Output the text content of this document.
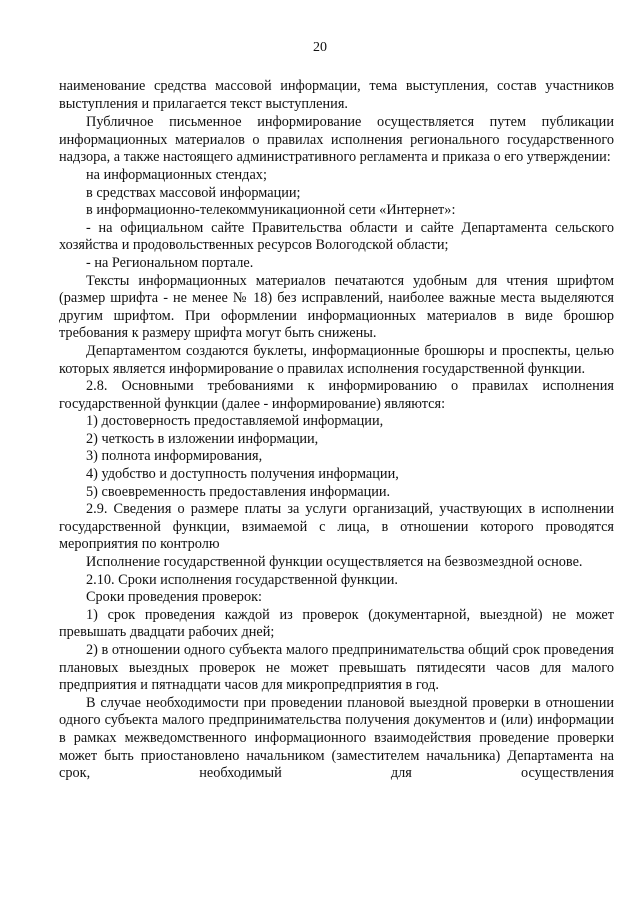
20

наименование средства массовой информации, тема выступления, состав участников выступления и прилагается текст выступления.

Публичное письменное информирование осуществляется путем публикации информационных материалов о правилах исполнения регионального государственного надзора, а также настоящего административного регламента и приказа о его утверждении:

на информационных стендах;

в средствах массовой информации;

в информационно-телекоммуникационной сети «Интернет»:

- на официальном сайте Правительства области и сайте Департамента сельского хозяйства и продовольственных ресурсов Вологодской области;

- на Региональном портале.

Тексты информационных материалов печатаются удобным для чтения шрифтом (размер шрифта - не менее № 18) без исправлений, наиболее важные места выделяются другим шрифтом. При оформлении информационных материалов в виде брошюр требования к размеру шрифта могут быть снижены.

Департаментом создаются буклеты, информационные брошюры и проспекты, целью которых является информирование о правилах исполнения государственной функции.

2.8. Основными требованиями к информированию о правилах исполнения государственной функции (далее - информирование) являются:

1) достоверность предоставляемой информации,

2) четкость в изложении информации,

3) полнота информирования,

4) удобство и доступность получения информации,

5) своевременность предоставления информации.

2.9. Сведения о размере платы за услуги организаций, участвующих в исполнении государственной функции, взимаемой с лица, в отношении которого проводятся мероприятия по контролю

Исполнение государственной функции осуществляется на безвозмездной основе.

2.10. Сроки исполнения государственной функции.

Сроки проведения проверок:

1) срок проведения каждой из проверок (документарной, выездной) не может превышать двадцати рабочих дней;

2) в отношении одного субъекта малого предпринимательства общий срок проведения плановых выездных проверок не может превышать пятидесяти часов для малого предприятия и пятнадцати часов для микропредприятия в год.

В случае необходимости при проведении плановой выездной проверки в отношении одного субъекта малого предпринимательства получения документов и (или) информации в рамках межведомственного информационного взаимодействия проведение проверки может быть приостановлено начальником (заместителем начальника) Департамента на срок, необходимый для осуществления
